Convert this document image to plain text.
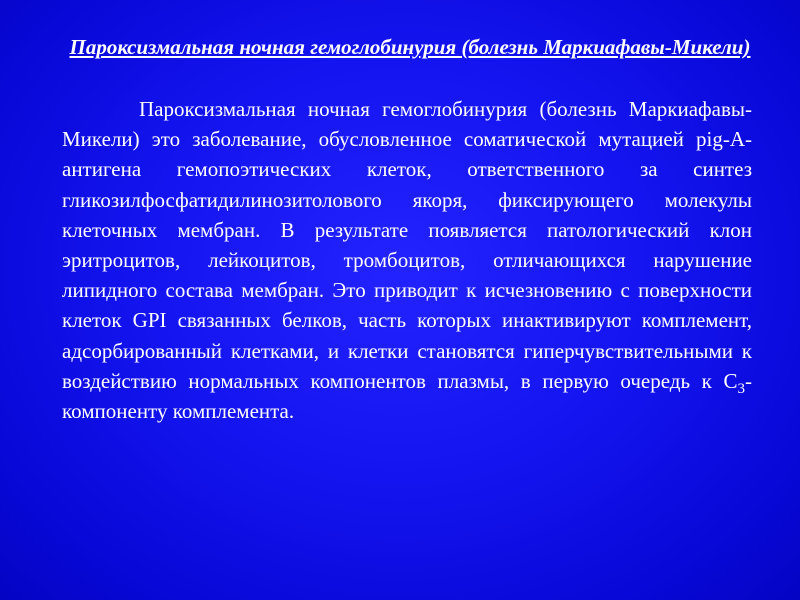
Пароксизмальная ночная гемоглобинурия (болезнь Маркиафавы-Микели)
Пароксизмальная ночная гемоглобинурия (болезнь Маркиафавы-Микели) это заболевание, обусловленное соматической мутацией pig-A-антигена гемопоэтических клеток, ответственного за синтез гликозилфосфатидилинозитолового якоря, фиксирующего молекулы клеточных мембран. В результате появляется патологический клон эритроцитов, лейкоцитов, тромбоцитов, отличающихся нарушение липидного состава мембран. Это приводит к исчезновению с поверхности клеток GPI связанных белков, часть которых инактивируют комплемент, адсорбированный клетками, и клетки становятся гиперчувствительными к воздействию нормальных компонентов плазмы, в первую очередь к $С_3$-компоненту комплемента.
